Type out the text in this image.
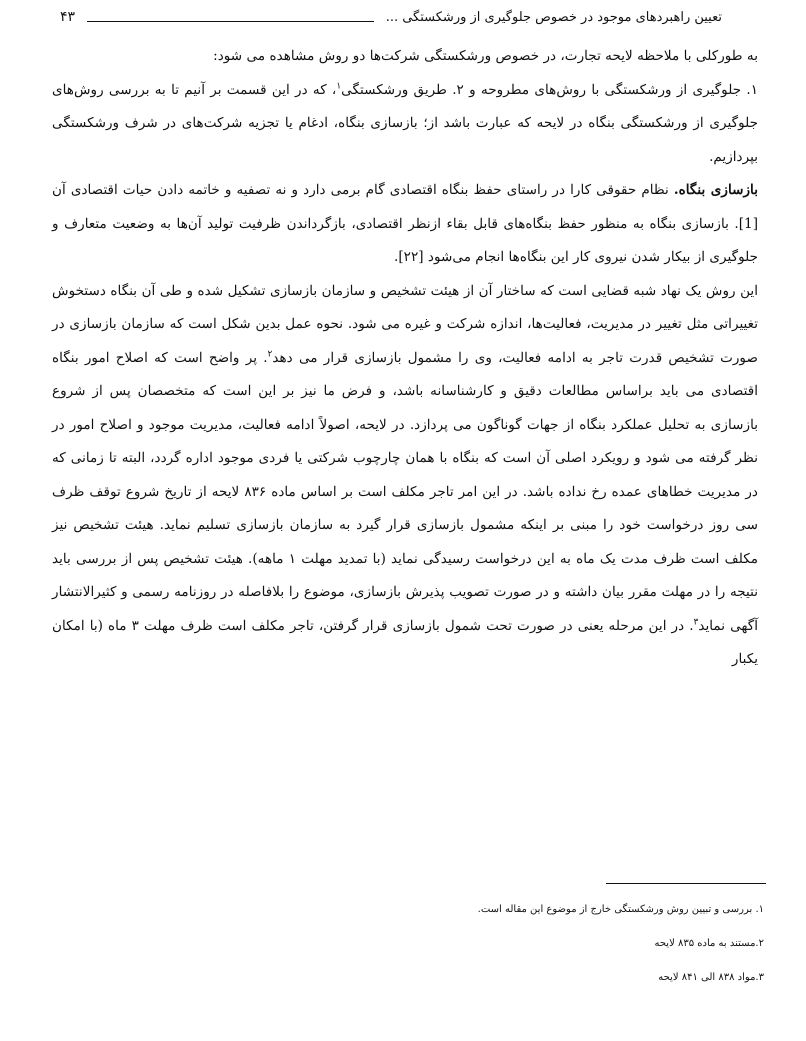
تعیین راهبردهای موجود در خصوص جلوگیری از ورشکستگی ...
۴۳

به طورکلی با ملاحظه لایحه تجارت، در خصوص ورشکستگی شرکت‌ها دو روش مشاهده می شود:

۱. جلوگیری از ورشکستگی با روش‌های مطروحه و ۲. طریق ورشکستگی$^۱$، که در این قسمت بر آنیم تا به بررسی روش‌های جلوگیری از ورشکستگی بنگاه در لایحه که عبارت باشد از؛ بازسازی بنگاه، ادغام یا تجزیه شرکت‌های در شرف ورشکستگی بپردازیم.

بازسازی بنگاه. نظام حقوقی کارا در راستای حفظ بنگاه اقتصادی گام برمی دارد و نه تصفیه و خاتمه دادن حیات اقتصادی آن [1]. بازسازی بنگاه به منظور حفظ بنگاه‌های قابل بقاء ازنظر اقتصادی، بازگرداندن ظرفیت تولید آن‌ها به وضعیت متعارف و جلوگیری از بیکار شدن نیروی کار این بنگاه‌ها انجام می‌شود [۲۲].

این روش یک نهاد شبه قضایی است که ساختار آن از هیئت تشخیص و سازمان بازسازی تشکیل شده و طی آن بنگاه دستخوش تغییراتی مثل تغییر در مدیریت، فعالیت‌ها، اندازه شرکت و غیره می شود. نحوه عمل بدین شکل است که سازمان بازسازی در صورت تشخیص قدرت تاجر به ادامه فعالیت، وی را مشمول بازسازی قرار می دهد$^۲$. پر واضح است که اصلاح امور بنگاه اقتصادی می باید براساس مطالعات دقیق و کارشناسانه باشد، و فرض ما نیز بر این است که متخصصان پس از شروع بازسازی به تحلیل عملکرد بنگاه از جهات گوناگون می پردازد. در لایحه، اصولاً ادامه فعالیت، مدیریت موجود و اصلاح امور در نظر گرفته می شود و رویکرد اصلی آن است که بنگاه با همان چارچوب شرکتی یا فردی موجود اداره گردد، البته تا زمانی که در مدیریت خطاهای عمده رخ نداده باشد. در این امر تاجر مکلف است بر اساس ماده ۸۳۶ لایحه از تاریخ شروع توقف ظرف سی روز درخواست خود را مبنی بر اینکه مشمول بازسازی قرار گیرد به سازمان بازسازی تسلیم نماید. هیئت تشخیص نیز مکلف است ظرف مدت یک ماه به این درخواست رسیدگی نماید (با تمدید مهلت ۱ ماهه). هیئت تشخیص پس از بررسی باید نتیجه را در مهلت مقرر بیان داشته و در صورت تصویب پذیرش بازسازی، موضوع را بلافاصله در روزنامه رسمی و کثیرالانتشار آگهی نماید$^۳$. در این مرحله یعنی در صورت تحت شمول بازسازی قرار گرفتن، تاجر مکلف است ظرف مهلت ۳ ماه (با امکان یکبار

۱. بررسی و تبیین روش ورشکستگی خارج از موضوع این مقاله است.
۲.مستند به ماده ۸۳۵ لایحه
۳.مواد ۸۳۸ الی ۸۴۱ لایحه
